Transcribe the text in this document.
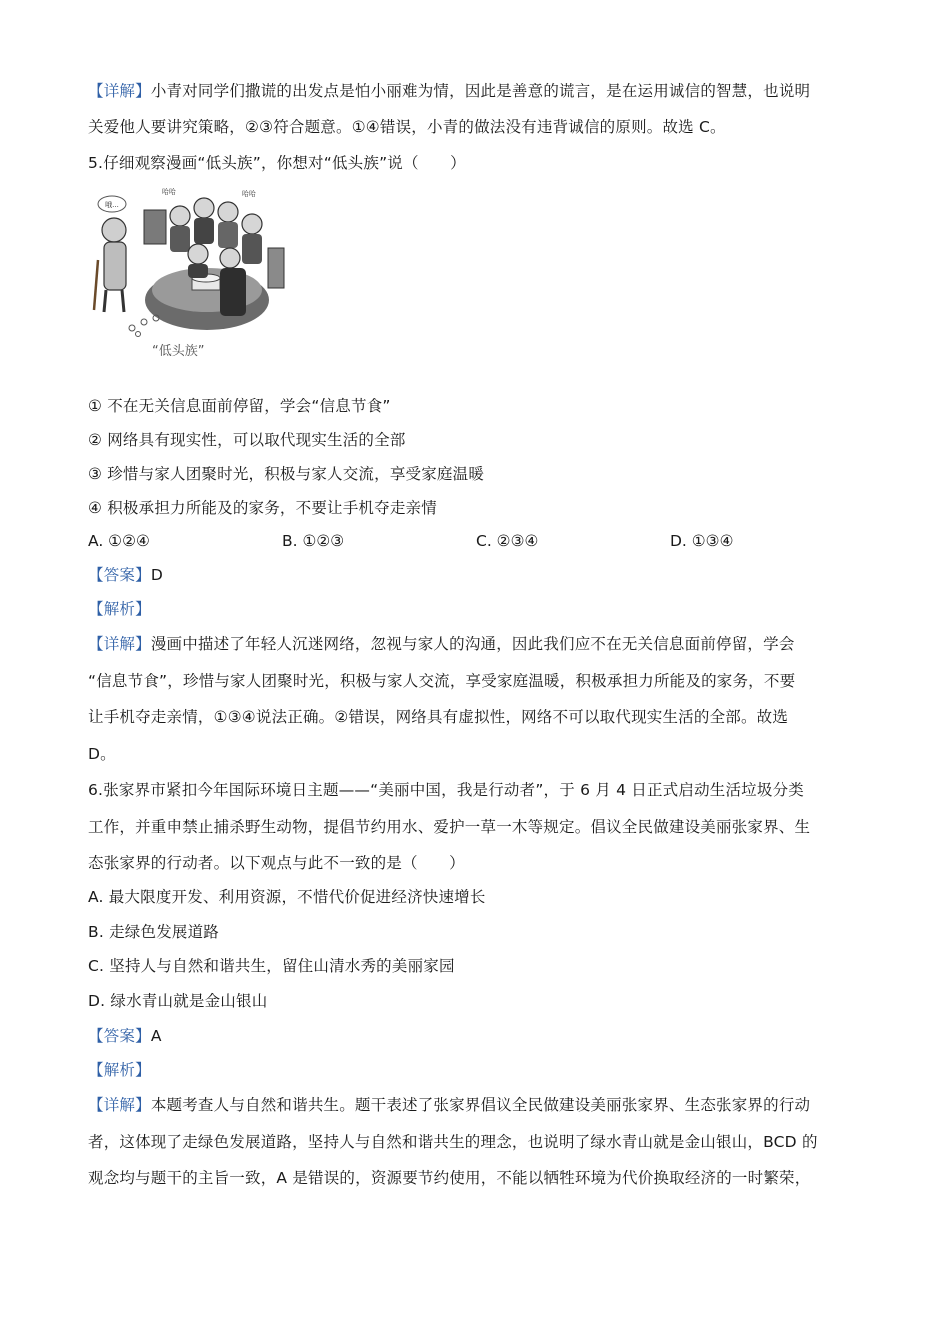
【详解】小青对同学们撒谎的出发点是怕小丽难为情，因此是善意的谎言，是在运用诚信的智慧，也说明
关爱他人要讲究策略，②③符合题意。①④错误，小青的做法没有违背诚信的原则。故选 C。
5.仔细观察漫画“低头族”，你想对“低头族”说（　　）
哦...
哈哈	哈哈
“低头族”
① 不在无关信息面前停留，学会“信息节食”
② 网络具有现实性，可以取代现实生活的全部
③ 珍惜与家人团聚时光，积极与家人交流，享受家庭温暖
④ 积极承担力所能及的家务，不要让手机夺走亲情
A. ①②④	B. ①②③	C. ②③④	D. ①③④
【答案】D
【解析】
【详解】漫画中描述了年轻人沉迷网络，忽视与家人的沟通，因此我们应不在无关信息面前停留，学会
“信息节食”，珍惜与家人团聚时光，积极与家人交流，享受家庭温暖，积极承担力所能及的家务，不要
让手机夺走亲情，①③④说法正确。②错误，网络具有虚拟性，网络不可以取代现实生活的全部。故选
D。
6.张家界市紧扣今年国际环境日主题——“美丽中国，我是行动者”，于 6 月 4 日正式启动生活垃圾分类
工作，并重申禁止捕杀野生动物，提倡节约用水、爱护一草一木等规定。倡议全民做建设美丽张家界、生
态张家界的行动者。以下观点与此不一致的是（　　）
A. 最大限度开发、利用资源，不惜代价促进经济快速增长
B. 走绿色发展道路
C. 坚持人与自然和谐共生，留住山清水秀的美丽家园
D. 绿水青山就是金山银山
【答案】A
【解析】
【详解】本题考查人与自然和谐共生。题干表述了张家界倡议全民做建设美丽张家界、生态张家界的行动
者，这体现了走绿色发展道路，坚持人与自然和谐共生的理念，也说明了绿水青山就是金山银山，BCD 的
观念均与题干的主旨一致，A 是错误的，资源要节约使用，不能以牺牲环境为代价换取经济的一时繁荣，
